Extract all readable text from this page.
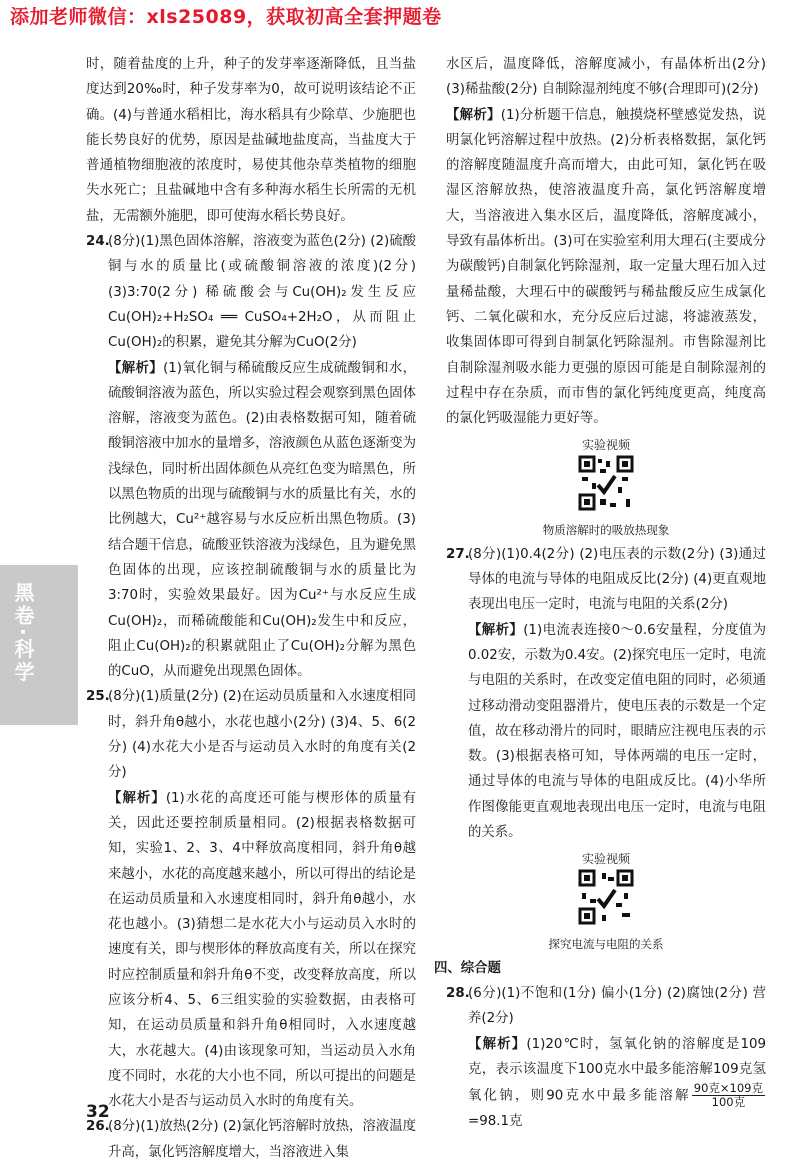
添加老师微信：xls25089，获取初高全套押题卷
黑卷·科学
时，随着盐度的上升，种子的发芽率逐渐降低，且当盐度达到20‰时，种子发芽率为0，故可说明该结论不正确。(4)与普通水稻相比，海水稻具有少除草、少施肥也能长势良好的优势，原因是盐碱地盐度高，当盐度大于普通植物细胞液的浓度时，易使其他杂草类植物的细胞失水死亡；且盐碱地中含有多种海水稻生长所需的无机盐，无需额外施肥，即可使海水稻长势良好。
24.
(8分)(1)黑色固体溶解，溶液变为蓝色(2分) (2)硫酸铜与水的质量比(或硫酸铜溶液的浓度)(2分) (3)3:70(2分) 稀硫酸会与Cu(OH)₂发生反应Cu(OH)₂+H₂SO₄ ══ CuSO₄+2H₂O，从而阻止Cu(OH)₂的积累，避免其分解为CuO(2分)
【解析】(1)氧化铜与稀硫酸反应生成硫酸铜和水，硫酸铜溶液为蓝色，所以实验过程会观察到黑色固体溶解，溶液变为蓝色。(2)由表格数据可知，随着硫酸铜溶液中加水的量增多，溶液颜色从蓝色逐渐变为浅绿色，同时析出固体颜色从亮红色变为暗黑色，所以黑色物质的出现与硫酸铜与水的质量比有关，水的比例越大，Cu²⁺越容易与水反应析出黑色物质。(3)结合题干信息，硫酸亚铁溶液为浅绿色，且为避免黑色固体的出现，应该控制硫酸铜与水的质量比为3:70时，实验效果最好。因为Cu²⁺与水反应生成Cu(OH)₂，而稀硫酸能和Cu(OH)₂发生中和反应，阻止Cu(OH)₂的积累就阻止了Cu(OH)₂分解为黑色的CuO，从而避免出现黑色固体。
25.
(8分)(1)质量(2分) (2)在运动员质量和入水速度相同时，斜升角θ越小，水花也越小(2分) (3)4、5、6(2分) (4)水花大小是否与运动员入水时的角度有关(2分)
【解析】(1)水花的高度还可能与楔形体的质量有关，因此还要控制质量相同。(2)根据表格数据可知，实验1、2、3、4中释放高度相同，斜升角θ越来越小，水花的高度越来越小，所以可得出的结论是在运动员质量和入水速度相同时，斜升角θ越小，水花也越小。(3)猜想二是水花大小与运动员入水时的速度有关，即与楔形体的释放高度有关，所以在探究时应控制质量和斜升角θ不变，改变释放高度，所以应该分析4、5、6三组实验的实验数据，由表格可知，在运动员质量和斜升角θ相同时，入水速度越大，水花越大。(4)由该现象可知，当运动员入水角度不同时，水花的大小也不同，所以可提出的问题是水花大小是否与运动员入水时的角度有关。
26.
(8分)(1)放热(2分) (2)氯化钙溶解时放热，溶液温度升高，氯化钙溶解度增大，当溶液进入集
水区后，温度降低，溶解度减小，有晶体析出(2分) (3)稀盐酸(2分) 自制除湿剂纯度不够(合理即可)(2分)
【解析】(1)分析题干信息，触摸烧杯壁感觉发热，说明氯化钙溶解过程中放热。(2)分析表格数据，氯化钙的溶解度随温度升高而增大，由此可知，氯化钙在吸湿区溶解放热，使溶液温度升高，氯化钙溶解度增大，当溶液进入集水区后，温度降低，溶解度减小，导致有晶体析出。(3)可在实验室利用大理石(主要成分为碳酸钙)自制氯化钙除湿剂，取一定量大理石加入过量稀盐酸，大理石中的碳酸钙与稀盐酸反应生成氯化钙、二氧化碳和水，充分反应后过滤，将滤液蒸发，收集固体即可得到自制氯化钙除湿剂。市售除湿剂比自制除湿剂吸水能力更强的原因可能是自制除湿剂的过程中存在杂质，而市售的氯化钙纯度更高，纯度高的氯化钙吸湿能力更好等。
实验视频
物质溶解时的吸放热现象
27.
(8分)(1)0.4(2分) (2)电压表的示数(2分) (3)通过导体的电流与导体的电阻成反比(2分) (4)更直观地表现出电压一定时，电流与电阻的关系(2分)
【解析】(1)电流表连接0～0.6安量程，分度值为0.02安，示数为0.4安。(2)探究电压一定时，电流与电阻的关系时，在改变定值电阻的同时，必须通过移动滑动变阻器滑片，使电压表的示数是一个定值，故在移动滑片的同时，眼睛应注视电压表的示数。(3)根据表格可知，导体两端的电压一定时，通过导体的电流与导体的电阻成反比。(4)小华所作图像能更直观地表现出电压一定时，电流与电阻的关系。
实验视频
探究电流与电阻的关系
四、综合题
28.
(6分)(1)不饱和(1分) 偏小(1分) (2)腐蚀(2分) 营养(2分)
【解析】(1)20℃时，氢氧化钠的溶解度是109克，表示该温度下100克水中最多能溶解109克氢氧化钠，则90克水中最多能溶解 $\frac{\text{90克×109克}}{\text{100克}}$
=98.1克
32
